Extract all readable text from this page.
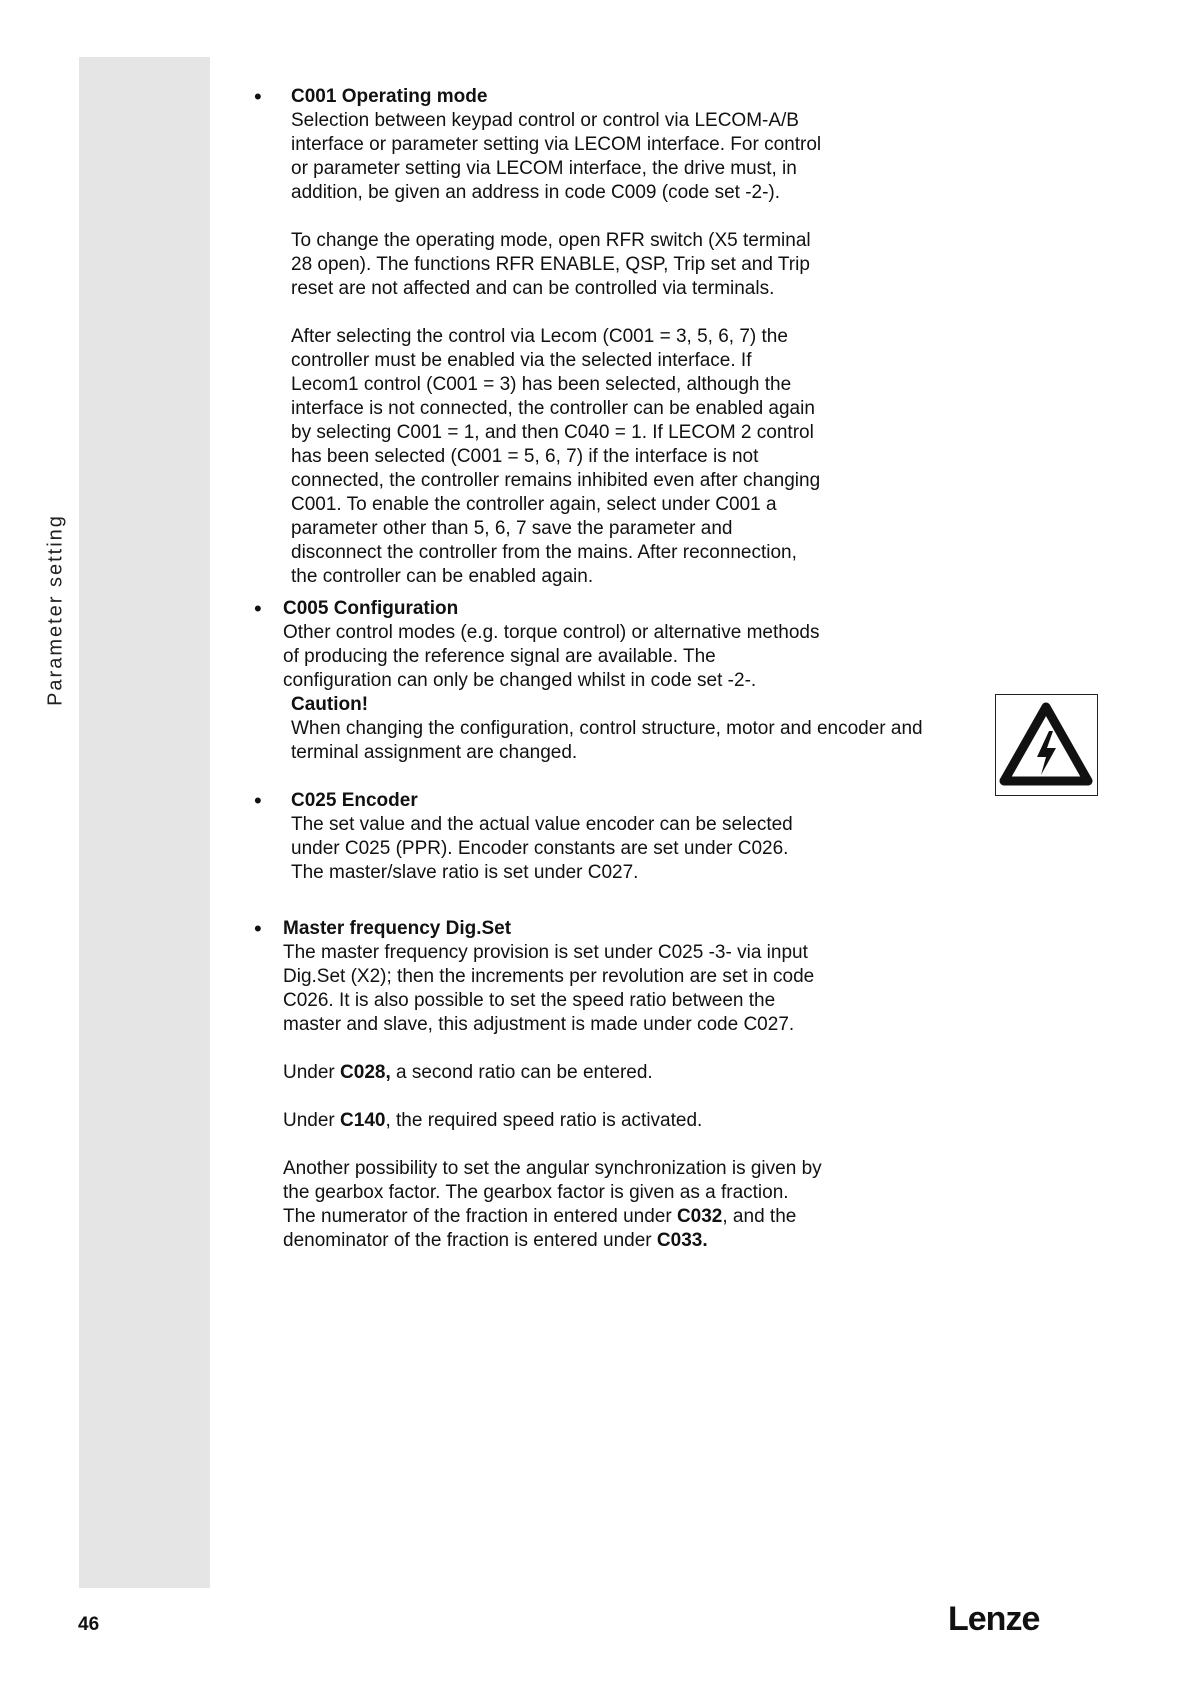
Parameter setting
• C001 Operating mode

Selection between keypad control or control via LECOM-A/B

interface or parameter setting via LECOM interface. For control

or parameter setting via LECOM interface, the drive must, in

addition, be given an address in code C009 (code set -2-).

To change the operating mode, open RFR switch (X5 terminal

28 open). The functions RFR ENABLE, QSP, Trip set and Trip

reset are not affected and can be controlled via terminals.

After selecting the control via Lecom (C001 = 3, 5, 6, 7) the

controller must be enabled via the selected interface. If

Lecom1 control (C001 = 3) has been selected, although the

interface is not connected, the controller can be enabled again

by selecting C001 = 1, and then C040 = 1. If LECOM 2 control

has been selected (C001 = 5, 6, 7) if the interface is not

connected, the controller remains inhibited even after changing

C001. To enable the controller again, select under C001 a

parameter other than 5, 6, 7 save the parameter and

disconnect the controller from the mains. After reconnection,

the controller can be enabled again.

• C005 Configuration

Other control modes (e.g. torque control) or alternative methods

of producing the reference signal are available. The

configuration can only be changed whilst in code set -2-.

Caution!

When changing the configuration, control structure, motor and encoder and

terminal assignment are changed.

• C025 Encoder

The set value and the actual value encoder can be selected

under C025 (PPR). Encoder constants are set under C026.

The master/slave ratio is set under C027.

• Master frequency Dig.Set

The master frequency provision is set under C025 -3- via input

Dig.Set (X2); then the increments per revolution are set in code

C026. It is also possible to set the speed ratio between the

master and slave, this adjustment is made under code C027.

Under C028, a second ratio can be entered.

Under C140, the required speed ratio is activated.

Another possibility to set the angular synchronization is given by

the gearbox factor. The gearbox factor is given as a fraction.

The numerator of the fraction in entered under C032, and the

denominator of the fraction is entered under C033.

46	Lenze
